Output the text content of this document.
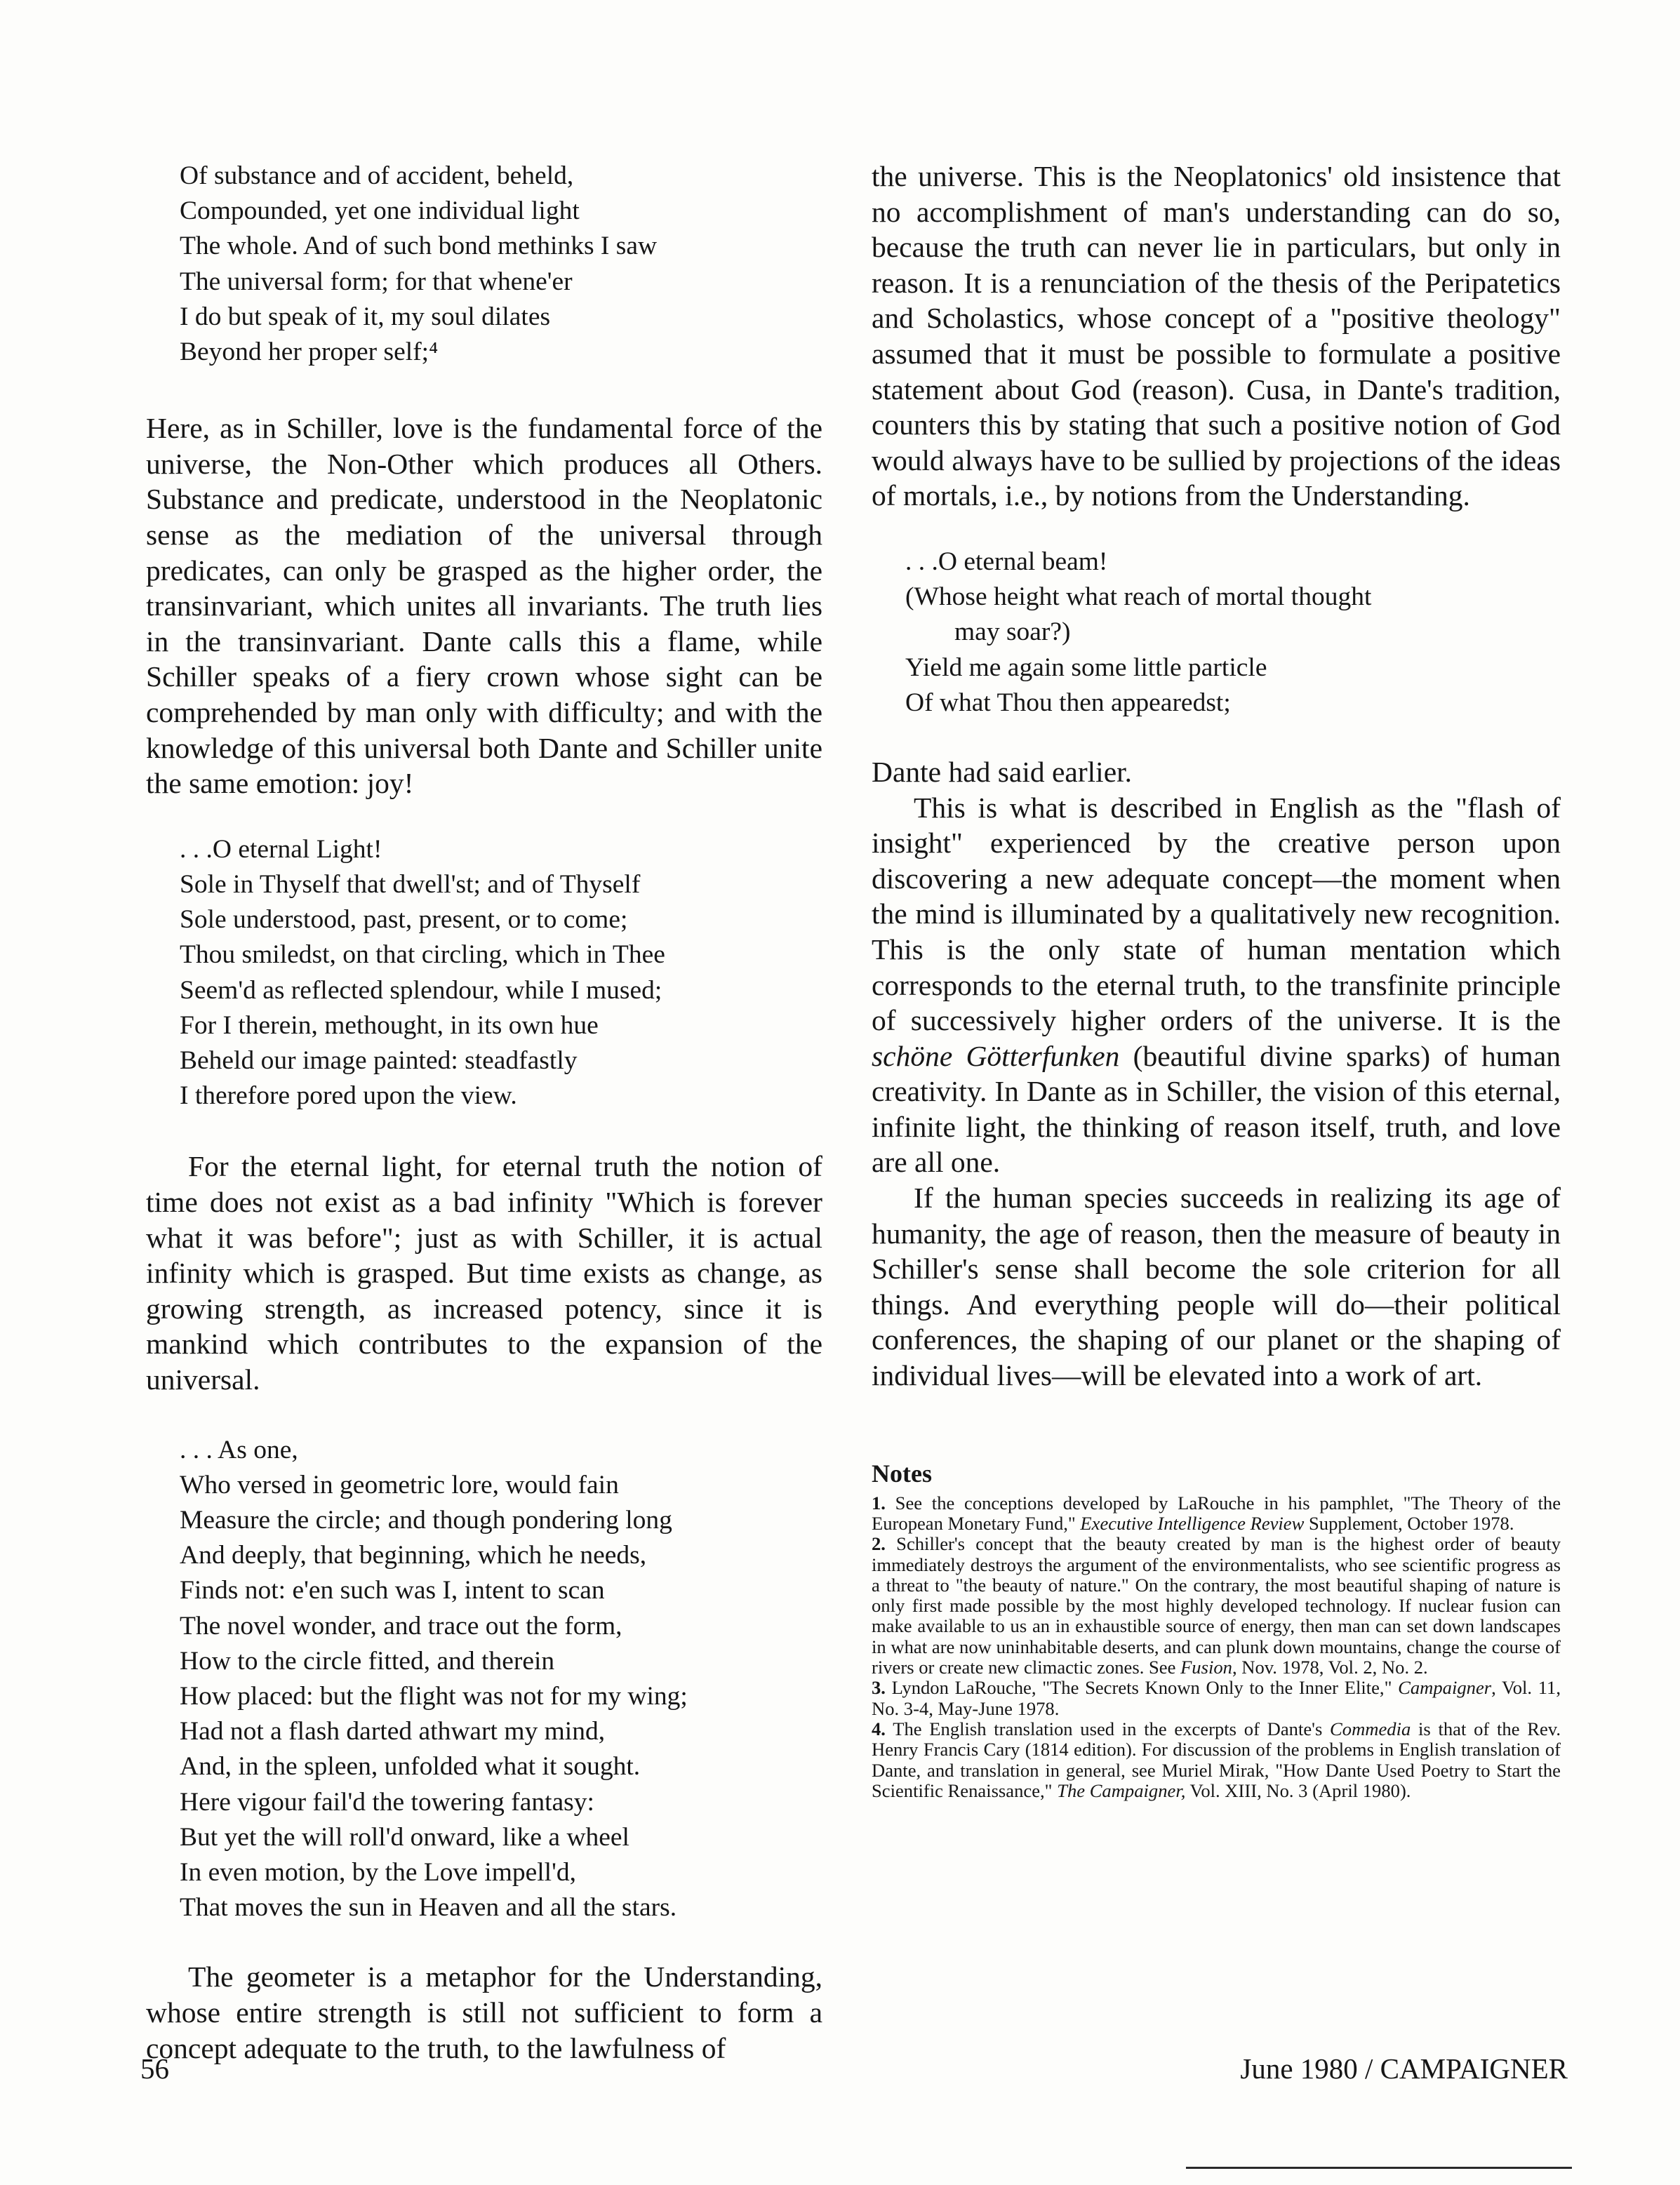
Of substance and of accident, beheld,
Compounded, yet one individual light
The whole. And of such bond methinks I saw
The universal form; for that whene'er
I do but speak of it, my soul dilates
Beyond her proper self;⁴

Here, as in Schiller, love is the fundamental force of the universe, the Non-Other which produces all Others. Substance and predicate, understood in the Neoplatonic sense as the mediation of the universal through predicates, can only be grasped as the higher order, the transinvariant, which unites all invariants. The truth lies in the transinvariant. Dante calls this a flame, while Schiller speaks of a fiery crown whose sight can be comprehended by man only with difficulty; and with the knowledge of this universal both Dante and Schiller unite the same emotion: joy!

. . .O eternal Light!
Sole in Thyself that dwell'st; and of Thyself
Sole understood, past, present, or to come;
Thou smiledst, on that circling, which in Thee
Seem'd as reflected splendour, while I mused;
For I therein, methought, in its own hue
Beheld our image painted: steadfastly
I therefore pored upon the view.

For the eternal light, for eternal truth the notion of time does not exist as a bad infinity "Which is forever what it was before"; just as with Schiller, it is actual infinity which is grasped. But time exists as change, as growing strength, as increased potency, since it is mankind which contributes to the expansion of the universal.

. . . As one,
Who versed in geometric lore, would fain
Measure the circle; and though pondering long
And deeply, that beginning, which he needs,
Finds not: e'en such was I, intent to scan
The novel wonder, and trace out the form,
How to the circle fitted, and therein
How placed: but the flight was not for my wing;
Had not a flash darted athwart my mind,
And, in the spleen, unfolded what it sought.
Here vigour fail'd the towering fantasy:
But yet the will roll'd onward, like a wheel
In even motion, by the Love impell'd,
That moves the sun in Heaven and all the stars.

The geometer is a metaphor for the Understanding, whose entire strength is still not sufficient to form a concept adequate to the truth, to the lawfulness of

the universe. This is the Neoplatonics' old insistence that no accomplishment of man's understanding can do so, because the truth can never lie in particulars, but only in reason. It is a renunciation of the thesis of the Peripatetics and Scholastics, whose concept of a "positive theology" assumed that it must be possible to formulate a positive statement about God (reason). Cusa, in Dante's tradition, counters this by stating that such a positive notion of God would always have to be sullied by projections of the ideas of mortals, i.e., by notions from the Understanding.

. . .O eternal beam!
(Whose height what reach of mortal thought
may soar?)
Yield me again some little particle
Of what Thou then appearedst;

Dante had said earlier.

This is what is described in English as the "flash of insight" experienced by the creative person upon discovering a new adequate concept—the moment when the mind is illuminated by a qualitatively new recognition. This is the only state of human mentation which corresponds to the eternal truth, to the transfinite principle of successively higher orders of the universe. It is the schöne Götterfunken (beautiful divine sparks) of human creativity. In Dante as in Schiller, the vision of this eternal, infinite light, the thinking of reason itself, truth, and love are all one.

If the human species succeeds in realizing its age of humanity, the age of reason, then the measure of beauty in Schiller's sense shall become the sole criterion for all things. And everything people will do—their political conferences, the shaping of our planet or the shaping of individual lives—will be elevated into a work of art.

Notes

1. See the conceptions developed by LaRouche in his pamphlet, "The Theory of the European Monetary Fund," Executive Intelligence Review Supplement, October 1978.

2. Schiller's concept that the beauty created by man is the highest order of beauty immediately destroys the argument of the environmentalists, who see scientific progress as a threat to "the beauty of nature." On the contrary, the most beautiful shaping of nature is only first made possible by the most highly developed technology. If nuclear fusion can make available to us an in exhaustible source of energy, then man can set down landscapes in what are now uninhabitable deserts, and can plunk down mountains, change the course of rivers or create new climactic zones. See Fusion, Nov. 1978, Vol. 2, No. 2.

3. Lyndon LaRouche, "The Secrets Known Only to the Inner Elite," Campaigner, Vol. 11, No. 3-4, May-June 1978.

4. The English translation used in the excerpts of Dante's Commedia is that of the Rev. Henry Francis Cary (1814 edition). For discussion of the problems in English translation of Dante, and translation in general, see Muriel Mirak, "How Dante Used Poetry to Start the Scientific Renaissance," The Campaigner, Vol. XIII, No. 3 (April 1980).

56	June 1980 / CAMPAIGNER
